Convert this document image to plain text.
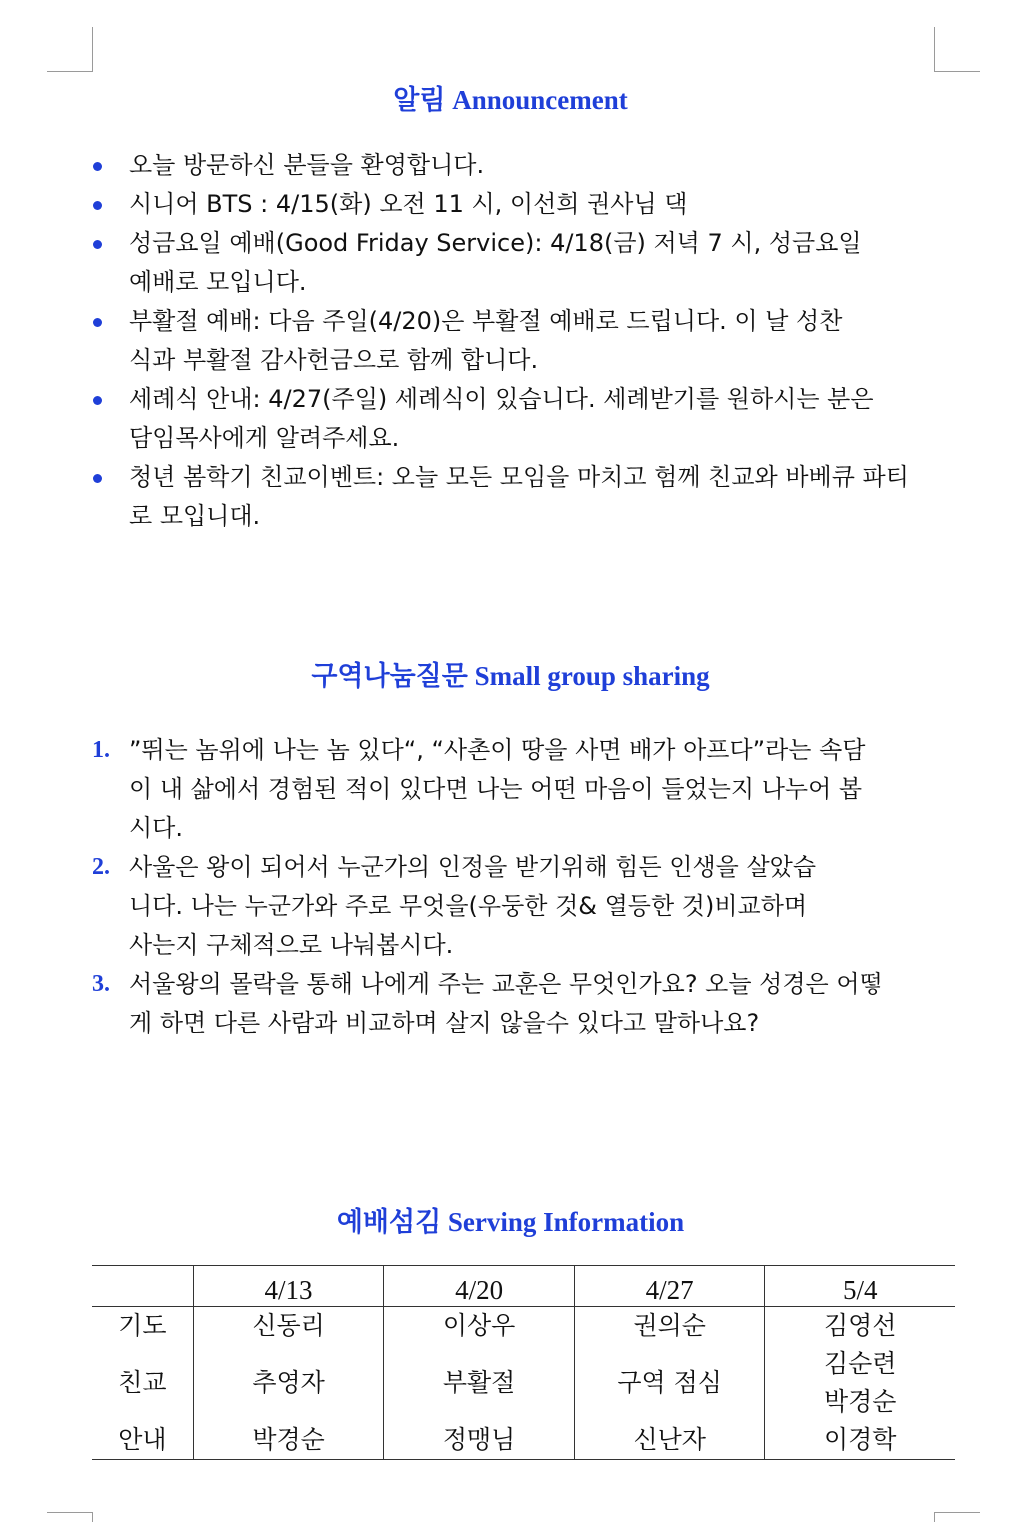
알림 Announcement
오늘 방문하신 분들을 환영합니다.
시니어 BTS : 4/15(화) 오전 11 시, 이선희 권사님 댁
성금요일 예배(Good Friday Service): 4/18(금) 저녁 7 시, 성금요일 예배로 모입니다.
부활절 예배: 다음 주일(4/20)은 부활절 예배로 드립니다. 이 날 성찬식과 부활절 감사헌금으로 함께 합니다.
세례식 안내: 4/27(주일) 세례식이 있습니다. 세례받기를 원하시는 분은 담임목사에게 알려주세요.
청년 봄학기 친교이벤트: 오늘 모든 모임을 마치고 험께 친교와 바베큐 파티로 모입니대.
구역나눔질문 Small group sharing
1. ”뛰는 놈위에 나는 놈 있다“, “사촌이 땅을 사면 배가 아프다”라는 속담이 내 삶에서 경험된 적이 있다면 나는 어떤 마음이 들었는지 나누어 봅시다.
2. 사울은 왕이 되어서 누군가의 인정을 받기위해 힘든 인생을 살았습니다. 나는 누군가와 주로 무엇을(우둥한 것& 열등한 것)비교하며 사는지 구체적으로 나눠봅시다.
3. 서울왕의 몰락을 통해 나에게 주는 교훈은 무엇인가요? 오늘 성경은 어떻게 하면 다른 사람과 비교하며 살지 않을수 있다고 말하나요?
예배섬김 Serving Information
	4/13	4/20	4/27	5/4
기도	신동리	이상우	권의순	김영선
친교	추영자	부활절	구역 점심	김순련
박경순
안내	박경순	정맹님	신난자	이경학
